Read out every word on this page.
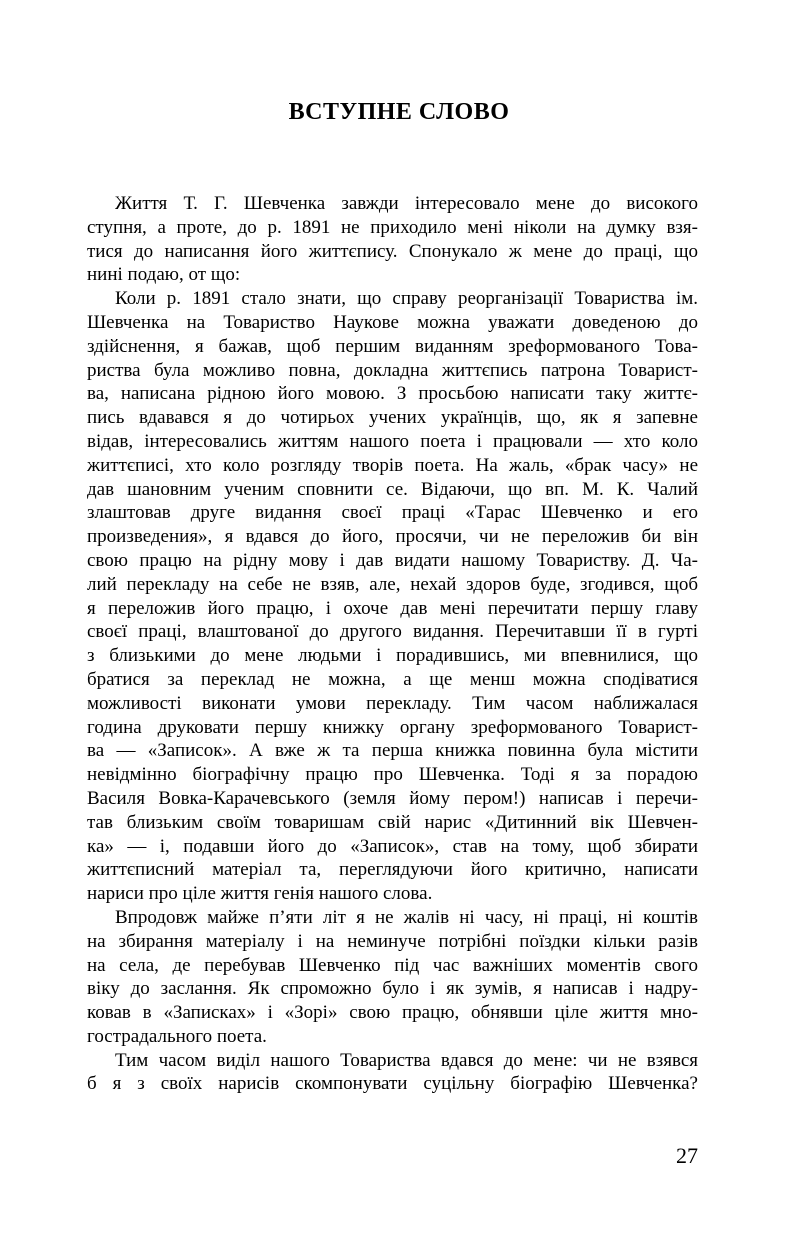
ВСТУПНЕ СЛОВО
Життя Т. Г. Шевченка завжди інтересовало мене до високого
ступня, а проте, до р. 1891 не приходило мені ніколи на думку взя-
тися до написання його життєпису. Спонукало ж мене до праці, що
нині подаю, от що:
Коли р. 1891 стало знати, що справу реорганізації Товариства ім.
Шевченка на Товариство Наукове можна уважати доведеною до
здійснення, я бажав, щоб першим виданням зреформованого Това-
риства була можливо повна, докладна життєпись патрона Товарист-
ва, написана рідною його мовою. З просьбою написати таку життє-
пись вдавався я до чотирьох учених українців, що, як я запевне
відав, інтересовались життям нашого поета і працювали — хто коло
життєписі, хто коло розгляду творів поета. На жаль, «брак часу» не
дав шановним ученим сповнити се. Відаючи, що вп. М. К. Чалий
злаштовав друге видання своєї праці «Тарас Шевченко и его
произведения», я вдався до його, просячи, чи не переложив би він
свою працю на рідну мову і дав видати нашому Товариству. Д. Ча-
лий перекладу на себе не взяв, але, нехай здоров буде, згодився, щоб
я переложив його працю, і охоче дав мені перечитати першу главу
своєї праці, влаштованої до другого видання. Перечитавши її в гурті
з близькими до мене людьми і порадившись, ми впевнилися, що
братися за переклад не можна, а ще менш можна сподіватися
можливості виконати умови перекладу. Тим часом наближалася
година друковати першу книжку органу зреформованого Товарист-
ва — «Записок». А вже ж та перша книжка повинна була містити
невідмінно біографічну працю про Шевченка. Тоді я за порадою
Василя Вовка-Карачевського (земля йому пером!) написав і перечи-
тав близьким своїм товаришам свій нарис «Дитинний вік Шевчен-
ка» — і, подавши його до «Записок», став на тому, щоб збирати
життєписний матеріал та, переглядуючи його критично, написати
нариси про ціле життя генія нашого слова.
Впродовж майже п’яти літ я не жалів ні часу, ні праці, ні коштів
на збирання матеріалу і на неминуче потрібні поїздки кільки разів
на села, де перебував Шевченко під час важніших моментів свого
віку до заслання. Як спроможно було і як зумів, я написав і надру-
ковав в «Записках» і «Зорі» свою працю, обнявши ціле життя мно-
гострадального поета.
Тим часом виділ нашого Товариства вдався до мене: чи не взявся
б я з своїх нарисів скомпонувати суцільну біографію Шевченка?
27
